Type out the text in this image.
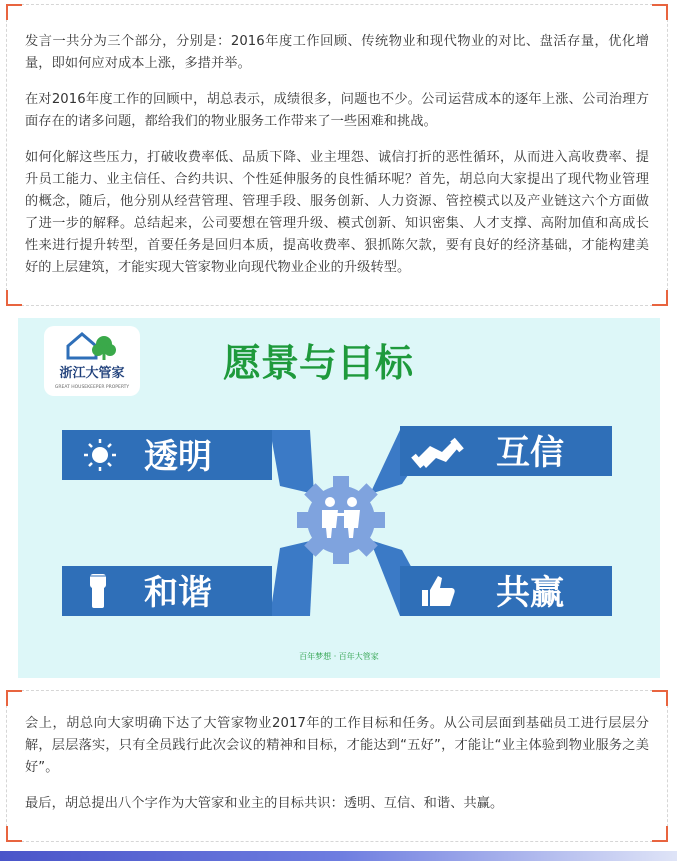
发言一共分为三个部分，分别是：2016年度工作回顾、传统物业和现代物业的对比、盘活存量，优化增量，即如何应对成本上涨，多措并举。

在对2016年度工作的回顾中，胡总表示，成绩很多，问题也不少。公司运营成本的逐年上涨、公司治理方面存在的诸多问题，都给我们的物业服务工作带来了一些困难和挑战。

如何化解这些压力，打破收费率低、品质下降、业主埋怨、诚信打折的恶性循环，从而进入高收费率、提升员工能力、业主信任、合约共识、个性延伸服务的良性循环呢？首先，胡总向大家提出了现代物业管理的概念，随后，他分别从经营管理、管理手段、服务创新、人力资源、管控模式以及产业链这六个方面做了进一步的解释。总结起来，公司要想在管理升级、模式创新、知识密集、人才支撑、高附加值和高成长性来进行提升转型，首要任务是回归本质，提高收费率、狠抓陈欠款，要有良好的经济基础，才能构建美好的上层建筑，才能实现大管家物业向现代物业企业的升级转型。

浙江大管家
GREAT HOUSEKEEPER PROPERTY
愿景与目标
透明	互信
和谐	共赢
百年梦想 · 百年大管家

会上，胡总向大家明确下达了大管家物业2017年的工作目标和任务。从公司层面到基础员工进行层层分解，层层落实，只有全员践行此次会议的精神和目标，才能达到“五好”，才能让“业主体验到物业服务之美好”。

最后，胡总提出八个字作为大管家和业主的目标共识：透明、互信、和谐、共赢。
